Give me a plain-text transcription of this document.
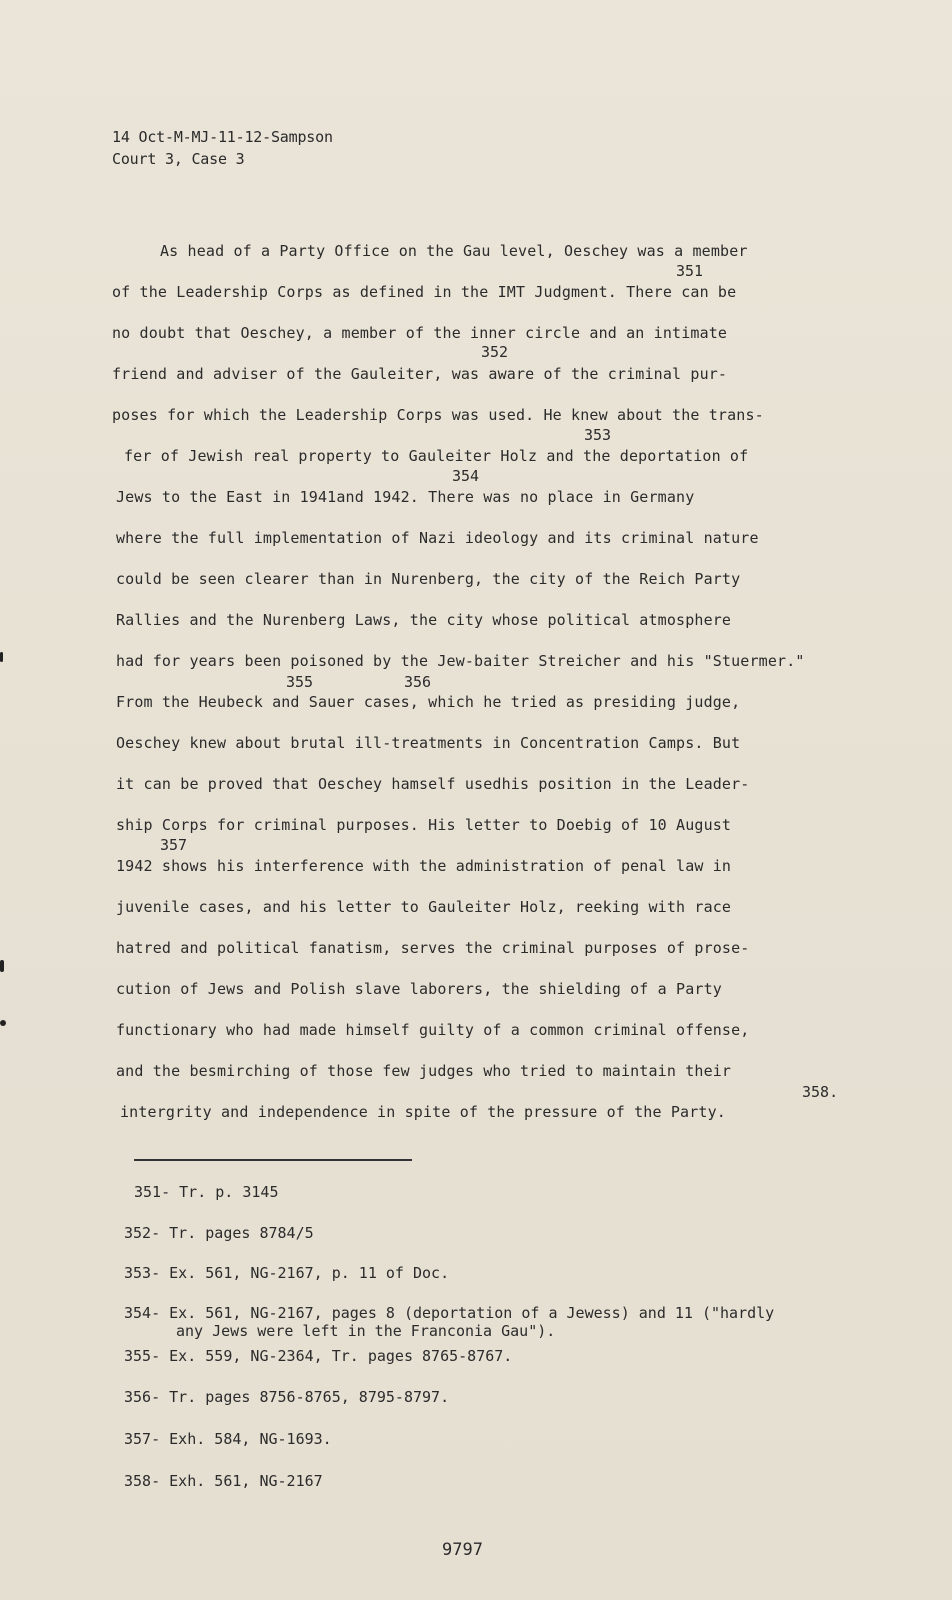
14 Oct-M-MJ-11-12-Sampson
Court 3, Case 3
As head of a Party Office on the Gau level, Oeschey was a member
of the Leadership Corps as defined in the IMT Judgment. There can be
no doubt that Oeschey, a member of the inner circle and an intimate
friend and adviser of the Gauleiter, was aware of the criminal pur-
poses for which the Leadership Corps was used. He knew about the trans-
fer of Jewish real property to Gauleiter Holz and the deportation of
Jews to the East in 1941and 1942. There was no place in Germany
where the full implementation of Nazi ideology and its criminal nature
could be seen clearer than in Nurenberg, the city of the Reich Party
Rallies and the Nurenberg Laws, the city whose political atmosphere
had for years been poisoned by the Jew-baiter Streicher and his "Stuermer."
From the Heubeck and Sauer cases, which he tried as presiding judge,
Oeschey knew about brutal ill-treatments in Concentration Camps. But
it can be proved that Oeschey hamself usedhis position in the Leader-
ship Corps for criminal purposes. His letter to Doebig of 10 August
1942 shows his interference with the administration of penal law in
juvenile cases, and his letter to Gauleiter Holz, reeking with race
hatred and political fanatism, serves the criminal purposes of prose-
cution of Jews and Polish slave laborers, the shielding of a Party
functionary who had made himself guilty of a common criminal offense,
and the besmirching of those few judges who tried to maintain their
intergrity and independence in spite of the pressure of the Party.
351
352
353
354
355	356
357
358.
351- Tr. p. 3145
352- Tr. pages 8784/5
353- Ex. 561, NG-2167, p. 11 of Doc.
354- Ex. 561, NG-2167, pages 8 (deportation of a Jewess) and 11 ("hardly
any Jews were left in the Franconia Gau").
355- Ex. 559, NG-2364, Tr. pages 8765-8767.
356- Tr. pages 8756-8765, 8795-8797.
357- Exh. 584, NG-1693.
358- Exh. 561, NG-2167
9797
